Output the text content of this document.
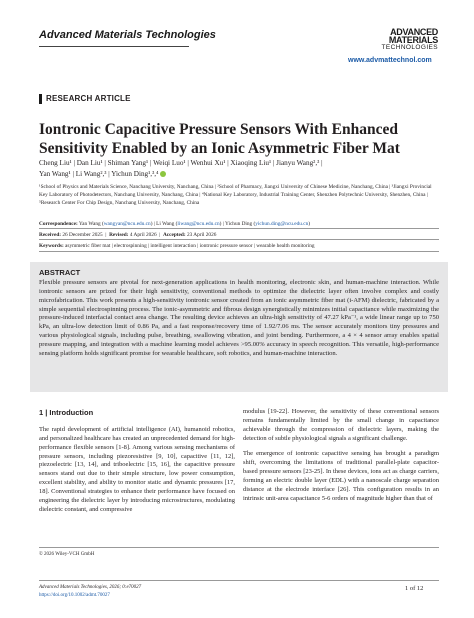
Advanced Materials Technologies	ADVANCED
MATERIALS
TECHNOLOGIES
www.advmattechnol.com
RESEARCH ARTICLE
Iontronic Capacitive Pressure Sensors With Enhanced Sensitivity Enabled by an Ionic Asymmetric Fiber Mat
Cheng Liu¹ | Dan Liu¹ | Shiman Yang¹ | Weiqi Luo¹ | Wenhui Xu¹ | Xiaoqing Liu¹ | Jianyu Wang²,³ |
Yan Wang¹ | Li Wang²,³ | Yichun Ding¹,³,⁴
¹School of Physics and Materials Science, Nanchang University, Nanchang, China | ²School of Pharmacy, Jiangxi University of Chinese Medicine, Nanchang, China | ³Jiangxi Provincial Key Laboratory of Photodetectors, Nanchang University, Nanchang, China | ⁴National Key Laboratory, Industrial Training Center, Shenzhen Polytechnic University, Shenzhen, China | ⁵Research Center For Chip Design, Nanchang University, Nanchang, China
Correspondence: Yan Wang (wangyan@ncu.edu.cn) | Li Wang (liwang@ncu.edu.cn) | Yichun Ding (yichun.ding@ncu.edu.cn)
Received: 26 December 2025  |  Revised: 4 April 2026  |  Accepted: 23 April 2026
Keywords: asymmetric fiber mat | electrospinning | intelligent interaction | iontronic pressure sensor | wearable health monitoring
ABSTRACT
Flexible pressure sensors are pivotal for next-generation applications in health monitoring, electronic skin, and human-machine interaction. While iontronic sensors are prized for their high sensitivity, conventional methods to optimize the dielectric layer often involve complex and costly microfabrication. This work presents a high-sensitivity iontronic sensor created from an ionic asymmetric fiber mat (i-AFM) dielectric, fabricated by a simple sequential electrospinning process. The ionic-asymmetric and fibrous design synergistically minimizes initial capacitance while maximizing the pressure-induced interfacial contact area change. The resulting device achieves an ultra-high sensitivity of 47.27 kPa⁻¹, a wide linear range up to 750 kPa, an ultra-low detection limit of 0.86 Pa, and a fast response/recovery time of 1.92/7.06 ms. The sensor accurately monitors tiny pressures and various physiological signals, including pulse, breathing, swallowing vibration, and joint bending. Furthermore, a 4 × 4 sensor array enables spatial pressure mapping, and integration with a machine learning model achieves >95.00% accuracy in speech recognition. This versatile, high-performance sensing platform holds significant promise for wearable healthcare, soft robotics, and human-machine interaction.
1 | Introduction

The rapid development of artificial intelligence (AI), humanoid robotics, and personalized healthcare has created an unprecedented demand for high-performance flexible sensors [1-8]. Among various sensing mechanisms of pressure sensors, including piezoresistive [9, 10], capacitive [11, 12], piezoelectric [13, 14], and triboelectric [15, 16], the capacitive pressure sensors stand out due to their simple structure, low power consumption, excellent stability, and ability to monitor static and dynamic pressures [17, 18]. Conventional strategies to enhance their performance have focused on engineering the dielectric layer by introducing microstructures, modulating dielectric constant, and compressive

modulus [19-22]. However, the sensitivity of these conventional sensors remains fundamentally limited by the small change in capacitance achievable through the compression of dielectric layers, making the detection of subtle physiological signals a significant challenge.

The emergence of iontronic capacitive sensing has brought a paradigm shift, overcoming the limitations of traditional parallel-plate capacitor-based pressure sensors [23-25]. In these devices, ions act as charge carriers, forming an electric double layer (EDL) with a nanoscale charge separation distance at the electrode interface [26]. This configuration results in an intrinsic unit-area capacitance 5-6 orders of magnitude higher than that of

© 2026 Wiley-VCH GmbH
Advanced Materials Technologies, 2026; 0:e70027
https://doi.org/10.1002/admt.70027
1 of 12
